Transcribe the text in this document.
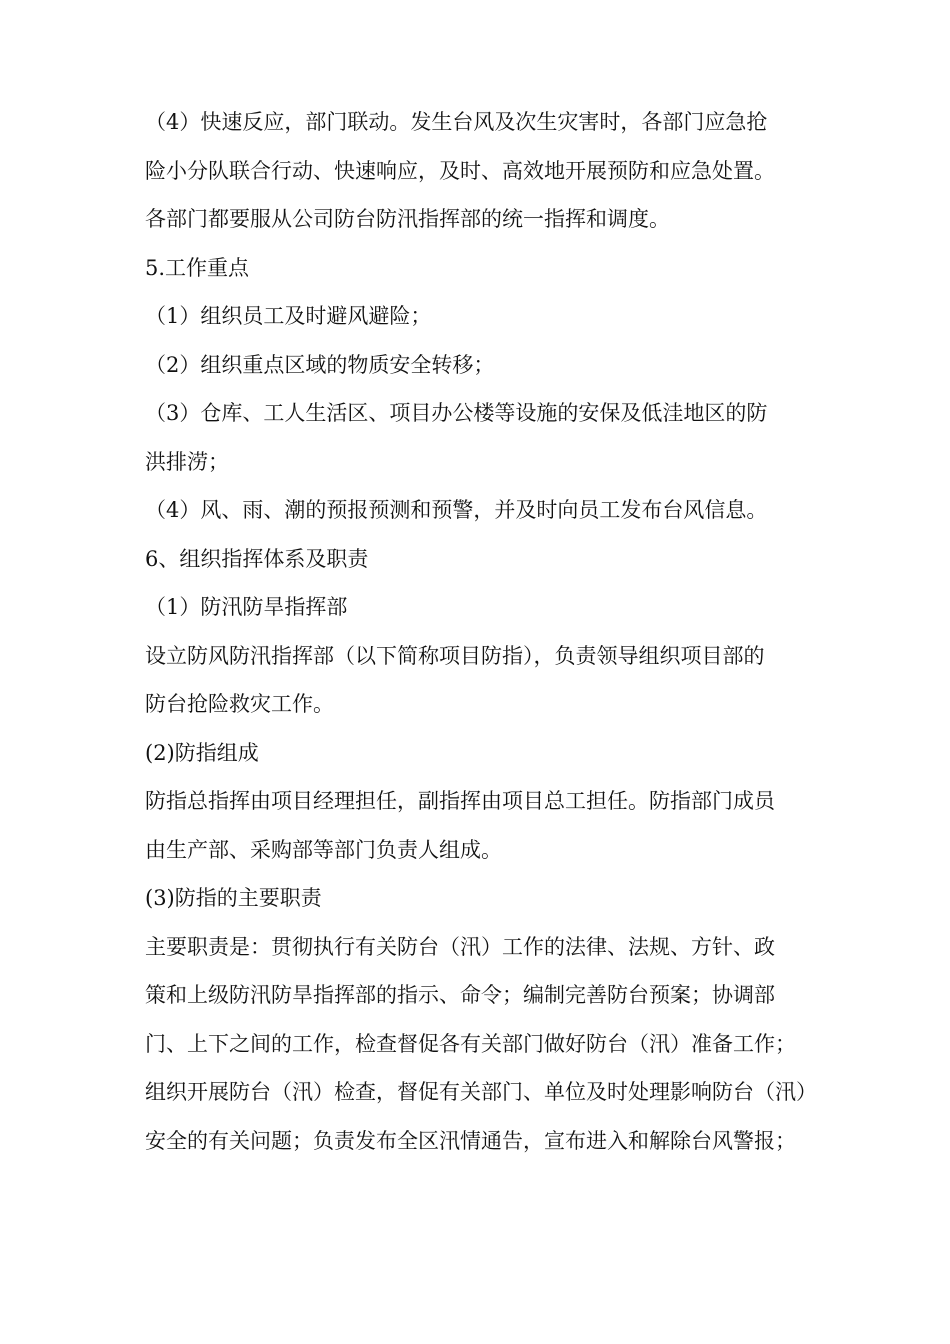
（4）快速反应，部门联动。发生台风及次生灾害时，各部门应急抢
险小分队联合行动、快速响应，及时、高效地开展预防和应急处置。
各部门都要服从公司防台防汛指挥部的统一指挥和调度。
5.工作重点
（1）组织员工及时避风避险；
（2）组织重点区域的物质安全转移；
（3）仓库、工人生活区、项目办公楼等设施的安保及低洼地区的防
洪排涝；
（4）风、雨、潮的预报预测和预警，并及时向员工发布台风信息。
6、组织指挥体系及职责
（1）防汛防旱指挥部
设立防风防汛指挥部（以下简称项目防指），负责领导组织项目部的
防台抢险救灾工作。
(2)防指组成
防指总指挥由项目经理担任，副指挥由项目总工担任。防指部门成员
由生产部、采购部等部门负责人组成。
(3)防指的主要职责
主要职责是：贯彻执行有关防台（汛）工作的法律、法规、方针、政
策和上级防汛防旱指挥部的指示、命令；编制完善防台预案；协调部
门、上下之间的工作，检查督促各有关部门做好防台（汛）准备工作；
组织开展防台（汛）检查，督促有关部门、单位及时处理影响防台（汛）
安全的有关问题；负责发布全区汛情通告，宣布进入和解除台风警报；
